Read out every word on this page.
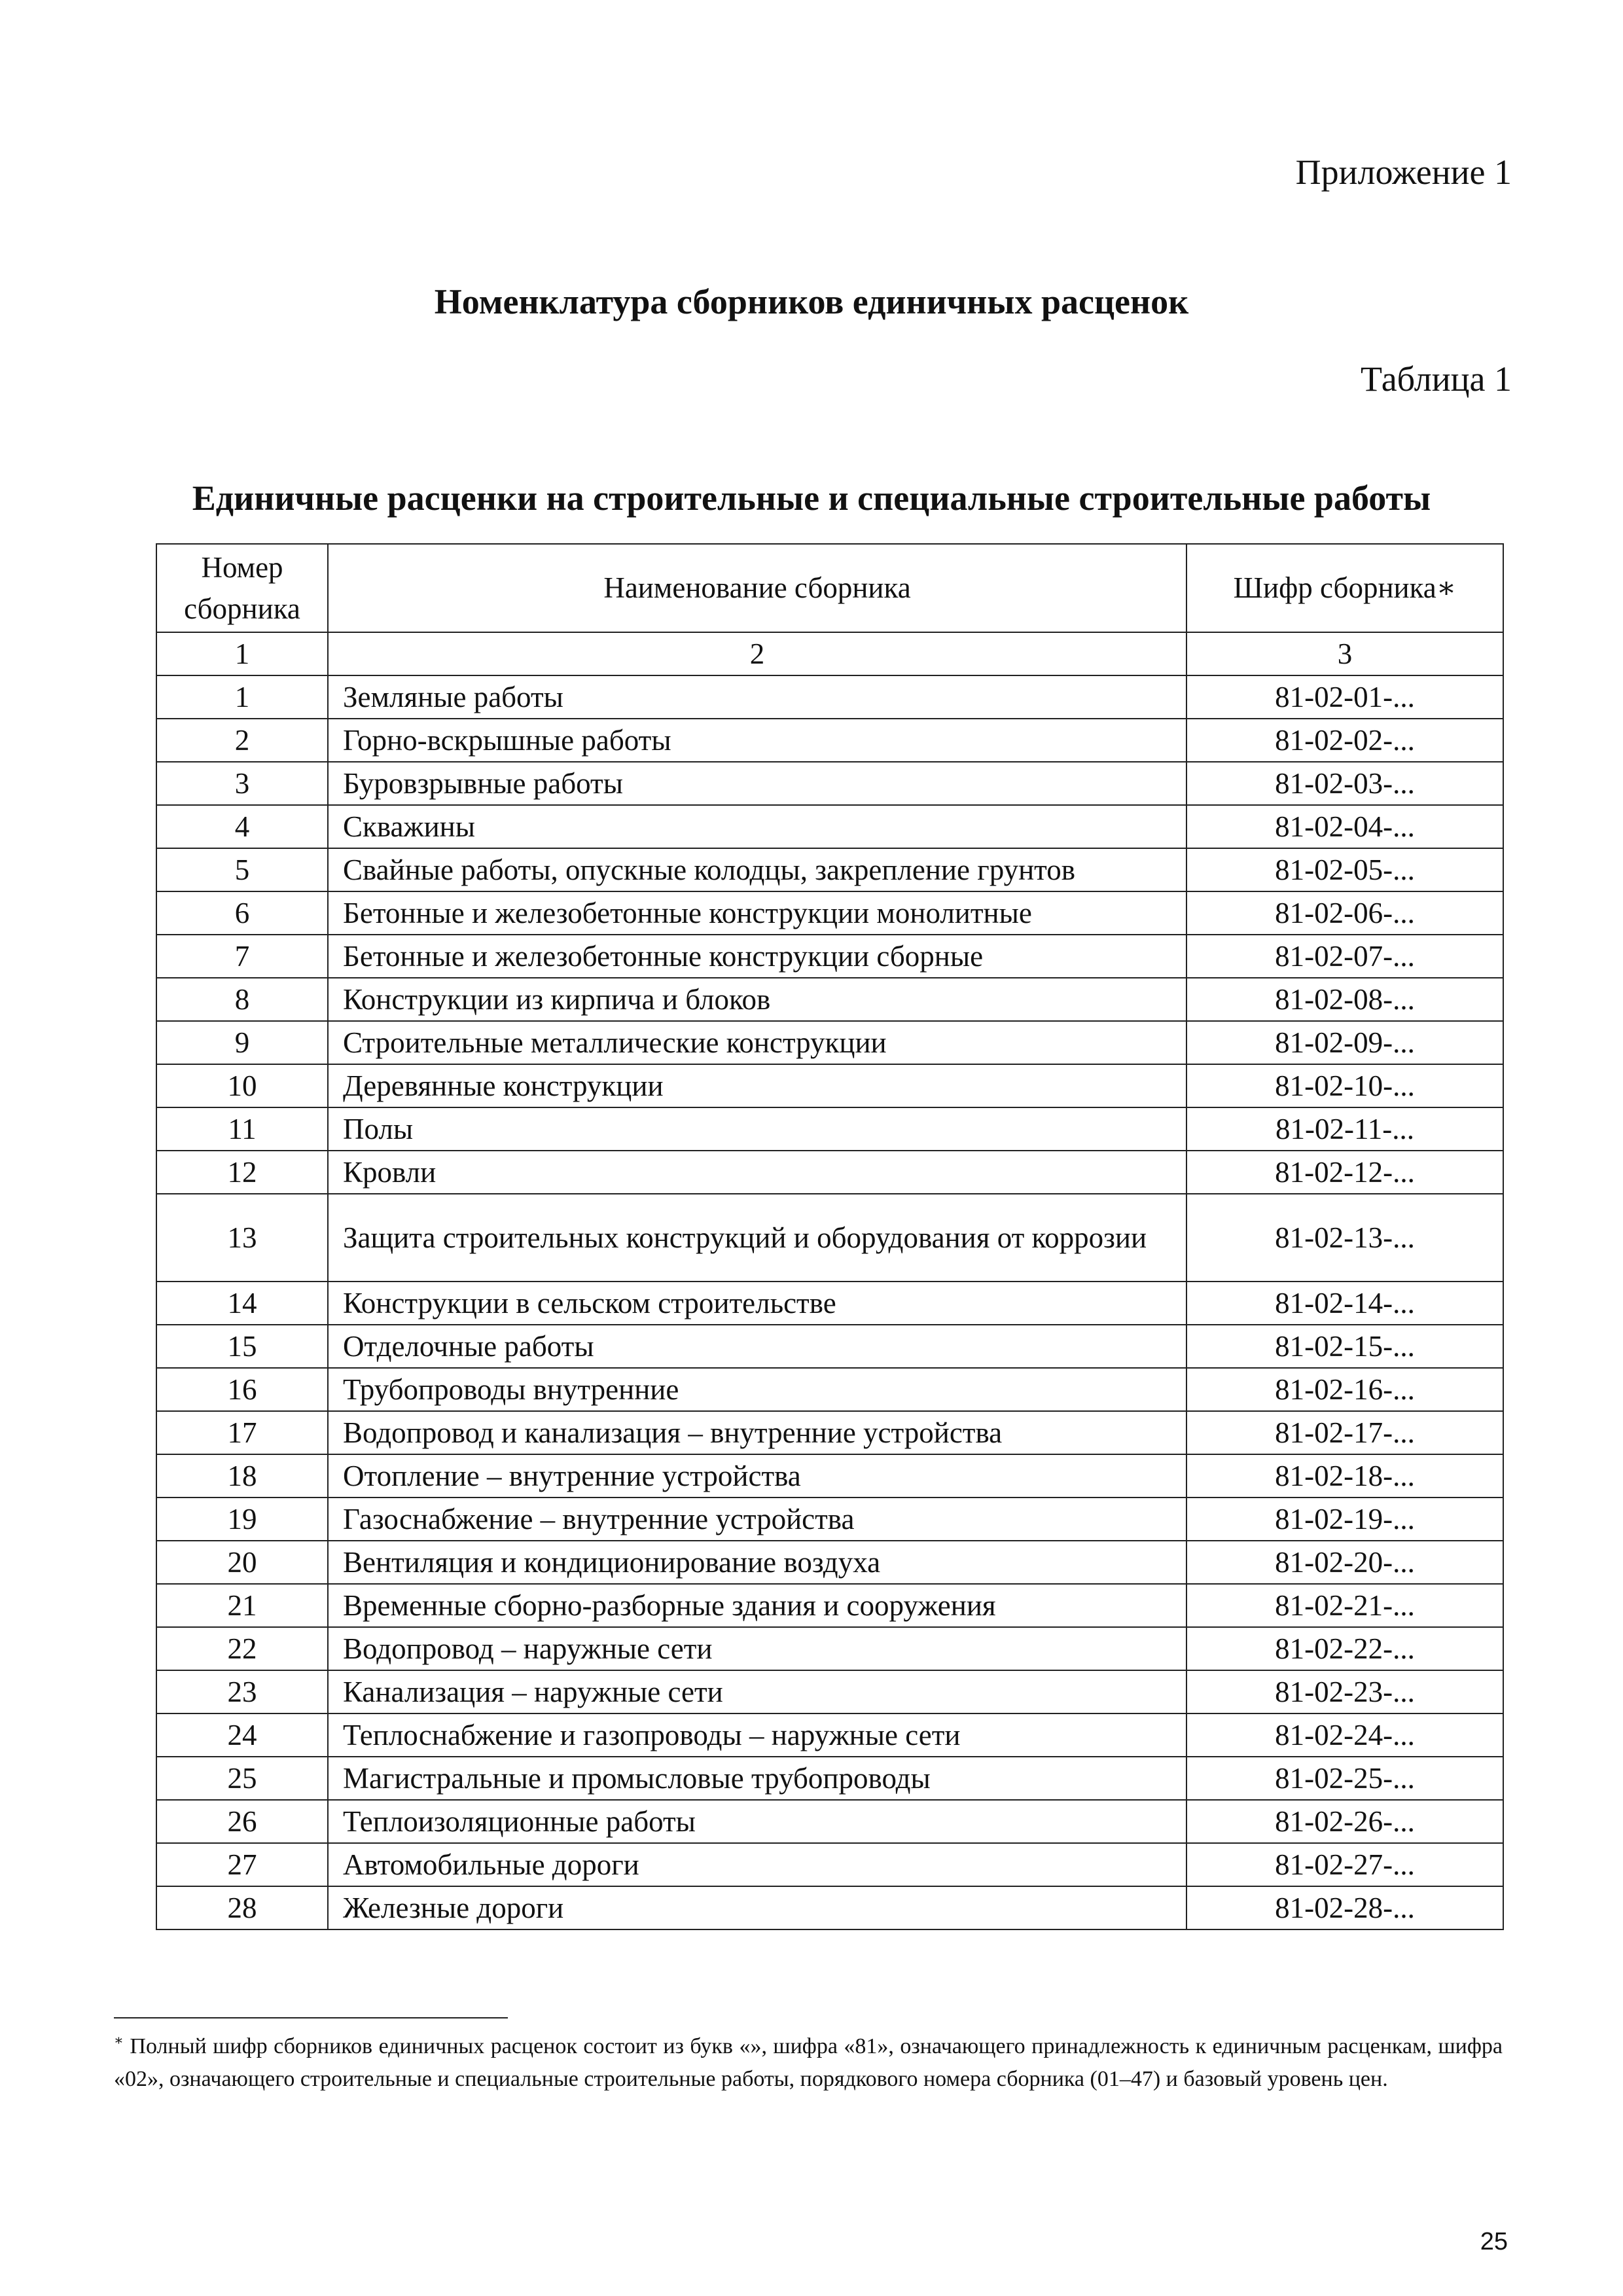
Приложение 1
Номенклатура сборников единичных расценок
Таблица 1
Единичные расценки на строительные и специальные строительные работы
Номер
сборника	Наименование сборника	Шифр сборника∗
1	2	3
1	Земляные работы	81-02-01-...
2	Горно-вскрышные работы	81-02-02-...
3	Буровзрывные работы	81-02-03-...
4	Скважины	81-02-04-...
5	Свайные работы, опускные колодцы, закрепление грунтов	81-02-05-...
6	Бетонные и железобетонные конструкции монолитные	81-02-06-...
7	Бетонные и железобетонные конструкции сборные	81-02-07-...
8	Конструкции из кирпича и блоков	81-02-08-...
9	Строительные металлические конструкции	81-02-09-...
10	Деревянные конструкции	81-02-10-...
11	Полы	81-02-11-...
12	Кровли	81-02-12-...
13	Защита строительных конструкций и оборудования от коррозии	81-02-13-...
14	Конструкции в сельском строительстве	81-02-14-...
15	Отделочные работы	81-02-15-...
16	Трубопроводы внутренние	81-02-16-...
17	Водопровод и канализация – внутренние устройства	81-02-17-...
18	Отопление – внутренние устройства	81-02-18-...
19	Газоснабжение – внутренние устройства	81-02-19-...
20	Вентиляция и кондиционирование воздуха	81-02-20-...
21	Временные сборно-разборные здания и сооружения	81-02-21-...
22	Водопровод – наружные сети	81-02-22-...
23	Канализация – наружные сети	81-02-23-...
24	Теплоснабжение и газопроводы – наружные сети	81-02-24-...
25	Магистральные и промысловые трубопроводы	81-02-25-...
26	Теплоизоляционные работы	81-02-26-...
27	Автомобильные дороги	81-02-27-...
28	Железные дороги	81-02-28-...
∗ Полный шифр сборников единичных расценок состоит из букв «», шифра «81», означающего принадлежность к единичным расценкам, шифра «02», означающего строительные и специальные строительные работы, порядкового номера сборника (01–47) и базовый уровень цен.
25
